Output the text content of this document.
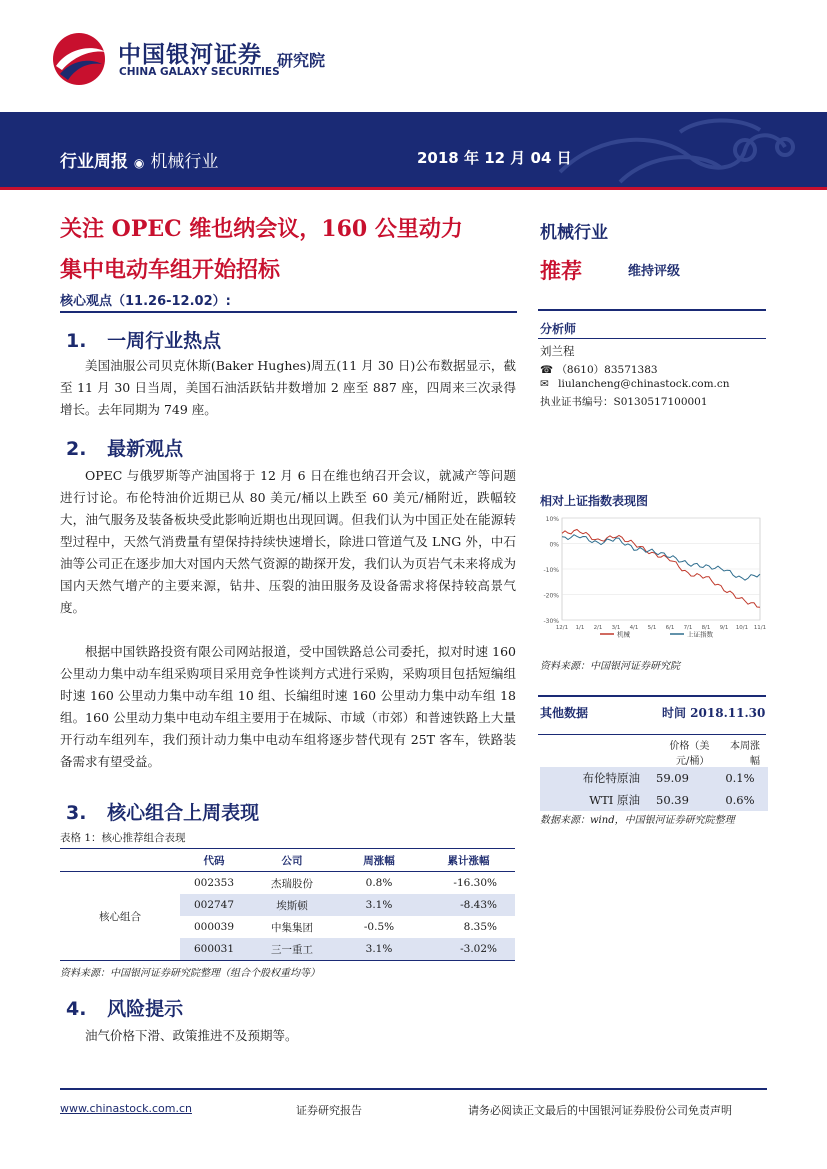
中国银河证券
CHINA GALAXY SECURITIES
研究院
行业周报 ◉ 机械行业	2018 年 12 月 04 日
关注 OPEC 维也纳会议，160 公里动力
集中电动车组开始招标
核心观点（11.26-12.02）:
1. 一周行业热点
美国油服公司贝克休斯(Baker Hughes)周五(11 月 30 日)公布数据显示，截至 11 月 30 日当周，美国石油活跃钻井数增加 2 座至 887 座，四周来三次录得增长。去年同期为 749 座。
2. 最新观点
OPEC 与俄罗斯等产油国将于 12 月 6 日在维也纳召开会议，就减产等问题进行讨论。布伦特油价近期已从 80 美元/桶以上跌至 60 美元/桶附近，跌幅较大，油气服务及装备板块受此影响近期也出现回调。但我们认为中国正处在能源转型过程中，天然气消费量有望保持持续快速增长，除进口管道气及 LNG 外，中石油等公司正在逐步加大对国内天然气资源的勘探开发，我们认为页岩气未来将成为国内天然气增产的主要来源，钻井、压裂的油田服务及设备需求将保持较高景气度。
根据中国铁路投资有限公司网站报道，受中国铁路总公司委托，拟对时速 160 公里动力集中动车组采购项目采用竞争性谈判方式进行采购，采购项目包括短编组时速 160 公里动力集中动车组 10 组、长编组时速 160 公里动力集中动车组 18 组。160 公里动力集中电动车组主要用于在城际、市域（市郊）和普速铁路上大量开行动车组列车，我们预计动力集中电动车组将逐步替代现有 25T 客车，铁路装备需求有望受益。
3. 核心组合上周表现
表格 1：核心推荐组合表现
	代码	公司	周涨幅	累计涨幅
核心组合	002353	杰瑞股份	0.8%	-16.30%
	002747	埃斯顿	3.1%	-8.43%
	000039	中集集团	-0.5%	8.35%
	600031	三一重工	3.1%	-3.02%
资料来源：中国银河证券研究院整理（组合个股权重均等）
4. 风险提示
油气价格下滑、政策推进不及预期等。
机械行业
推荐	维持评级
分析师
刘兰程
☎ （8610）83571383
✉ liulancheng@chinastock.com.cn
执业证书编号：S0130517100001
相对上证指数表现图
-30%
-20%
-10%
0%
10%
12/1 1/1 2/1 3/1 4/1 5/1 6/1 7/1 8/1 9/1 10/1 11/1
机械	上证指数
资料来源：中国银河证券研究院
其他数据	时间 2018.11.30
	价格（美元/桶）	本周涨幅
布伦特原油	59.09	0.1%
WTI 原油	50.39	0.6%
数据来源：wind，中国银河证券研究院整理
www.chinastock.com.cn	证券研究报告	请务必阅读正文最后的中国银河证券股份公司免责声明
